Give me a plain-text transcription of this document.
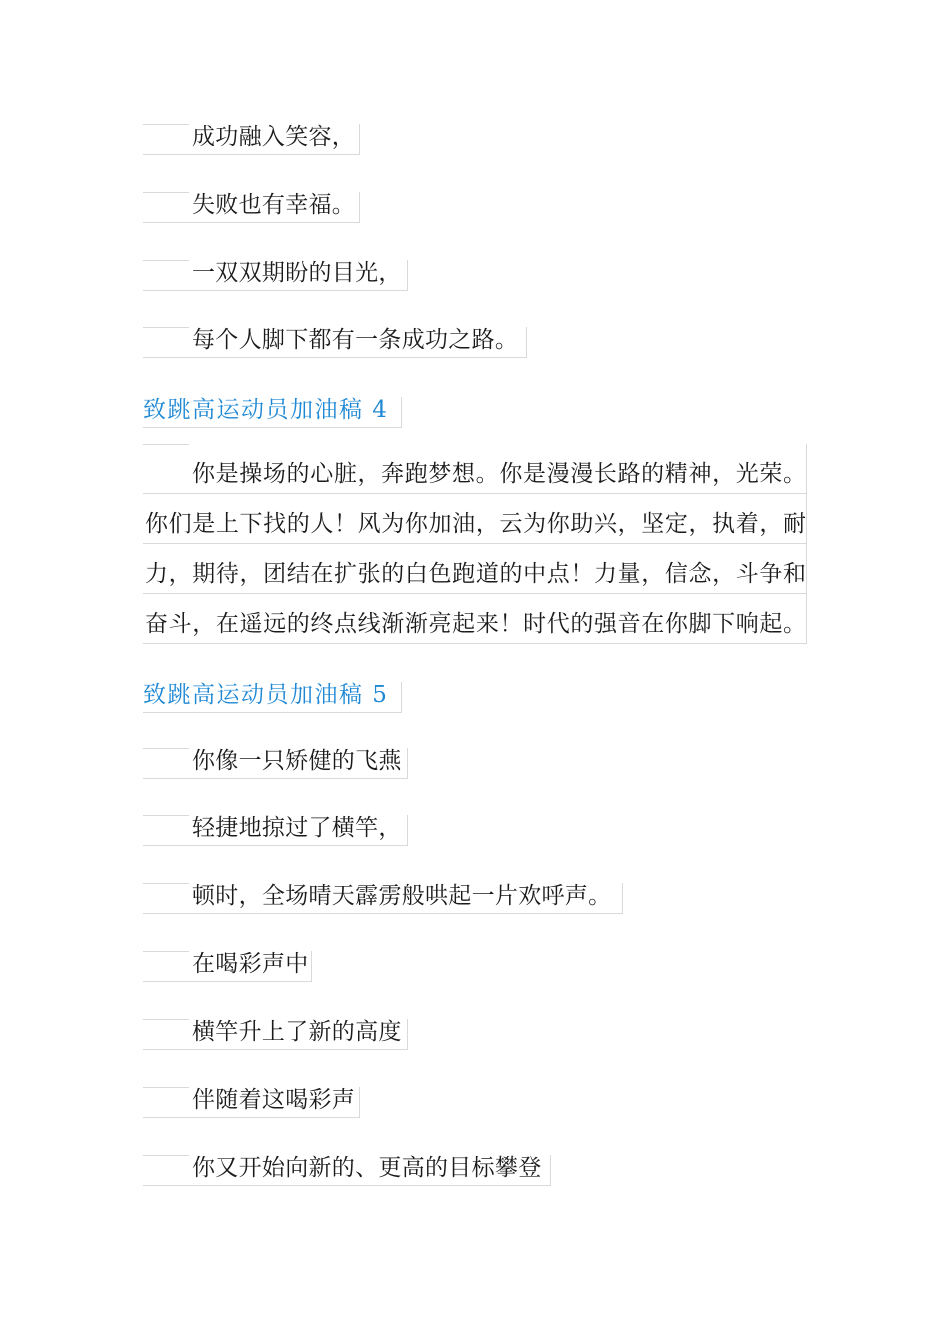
成功融入笑容，
失败也有幸福。
一双双期盼的目光，
每个人脚下都有一条成功之路。
致跳高运动员加油稿 4
你是操场的心脏，奔跑梦想。你是漫漫长路的精神，光荣。
你们是上下找的人！风为你加油，云为你助兴，坚定，执着，耐
力，期待，团结在扩张的白色跑道的中点！力量，信念，斗争和
奋斗，在遥远的终点线渐渐亮起来！时代的强音在你脚下响起。
致跳高运动员加油稿 5
你像一只矫健的飞燕
轻捷地掠过了横竿，
顿时，全场晴天霹雳般哄起一片欢呼声。
在喝彩声中
横竿升上了新的高度
伴随着这喝彩声
你又开始向新的、更高的目标攀登
